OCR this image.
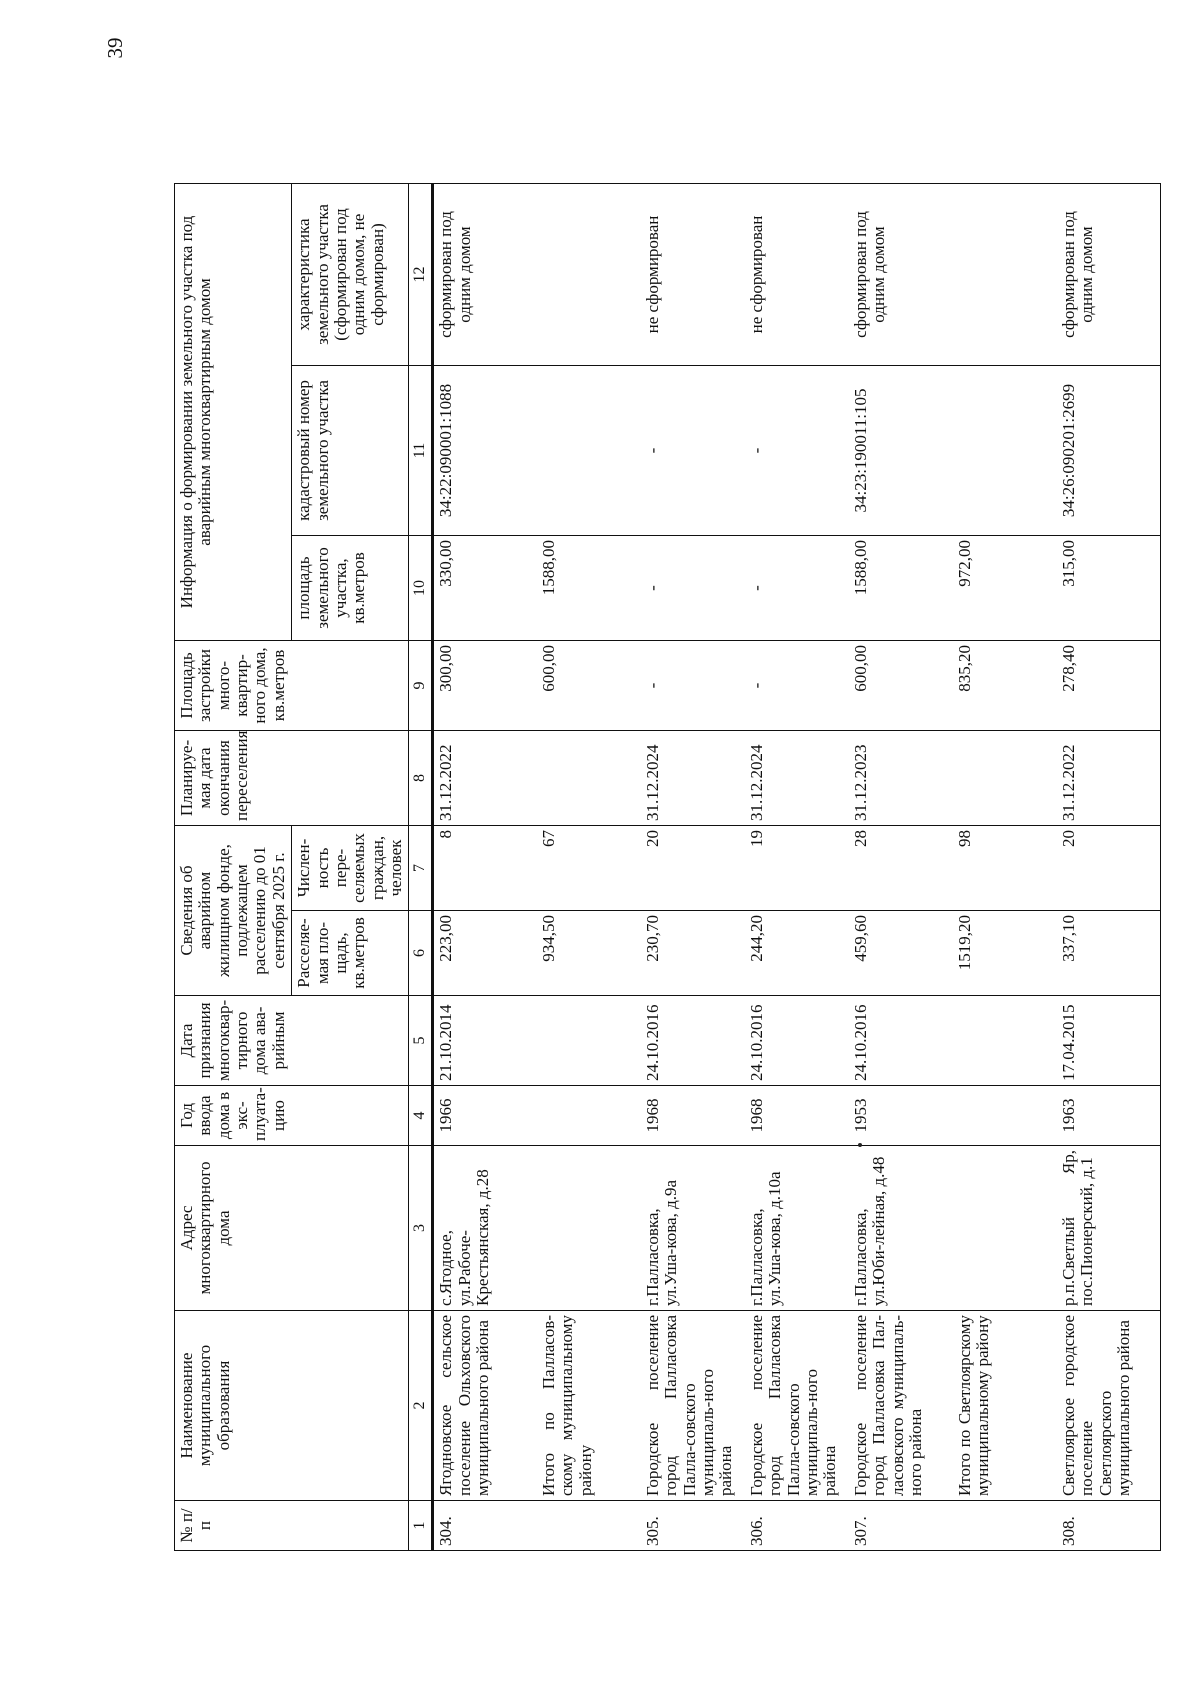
39
№ п/п	Наименование муниципального образования	Адрес многоквартирного дома	Год ввода дома в экс-плуата-цию	Дата признания многоквар-тирного дома ава-рийным	Сведения об аварийном жилищном фонде, подлежащем расселению до 01 сентября 2025 г.		Планируе-мая дата окончания переселения	Площадь застройки много-квартир-ного дома, кв.метров	Информация о формировании земельного участка под аварийным многоквартирным домом		
					Расселяе-мая пло-щадь, кв.метров	Числен-ность пере-селяемых граждан, человек			площадь земельного участка, кв.метров	кадастровый номер земельного участка	характеристика земельного участка (сформирован под одним домом, не сформирован)
1	2	3	4	5	6	7	8	9	10	11	12
304.	Ягодновское сельское поселение Ольховского муниципального района	с.Ягодное, ул.Рабоче-Крестьянская, д.28	1966	21.10.2014	223,00	8	31.12.2022	300,00	330,00	34:22:090001:1088	сформирован под одним домом
	Итого по Палласов-скому муниципальному району				934,50	67		600,00	1588,00		
305.	Городское поселение город Палласовка Палла-совского муниципаль-ного района	г.Палласовка, ул.Уша-кова, д.9а	1968	24.10.2016	230,70	20	31.12.2024	-	-	-	не сформирован
306.	Городское поселение город Палласовка Палла-совского муниципаль-ного района	г.Палласовка, ул.Уша-кова, д.10а	1968	24.10.2016	244,20	19	31.12.2024	-	-	-	не сформирован
307.	Городское поселение город Палласовка Пал-ласовского муниципаль-ного района	г.Палласовка, ул.Юби-лейная, д.48	1953	24.10.2016	459,60	28	31.12.2023	600,00	1588,00	34:23:190011:105	сформирован под одним домом
	Итого по Светлоярскому муниципальному району				1519,20	98		835,20	972,00		
308.	Светлоярское городское поселение Светлоярского муниципального района	р.п.Светлый Яр, пос.Пионерский, д.1	1963	17.04.2015	337,10	20	31.12.2022	278,40	315,00	34:26:090201:2699	сформирован под одним домом
